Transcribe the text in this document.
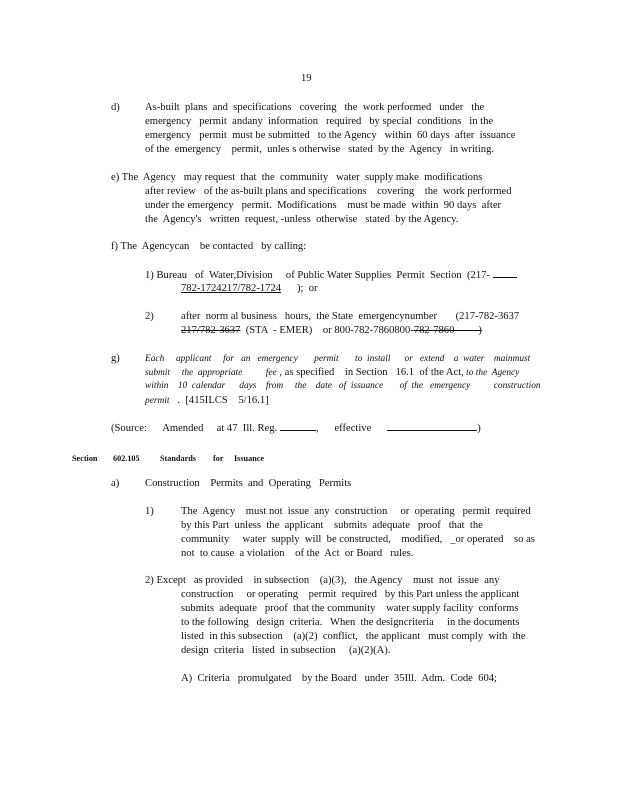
19
d) As-built  plans  and  specifications   covering   the  work performed   under   the
emergency   permit  andany  information   required   by special  conditions   in the
emergency   permit  must be submitted   to the Agency   within  60 days  after  issuance
of the  emergency    permit,  unles s otherwise   stated  by the  Agency   in writing.
e) The  Agency   may request  that  the  community   water  supply make  modifications
after review   of the as-built plans and specifications    covering    the  work performed
under the emergency   permit.  Modifications    must be made  within  90 days  after
the  Agency's   written  request, -unless  otherwise   stated  by the Agency.
f) The  Agencycan    be contacted   by calling:
1) Bureau   of  Water,Division     of Public Water Supplies  Permit  Section  (217-
782-1724217/782-1724      );  or
2)	after  norm al business   hours,  the State  emergencynumber       (217-782-3637
217/782-3637  (STA  - EMER)    or 800-782-7860800-782-7860         )
g)	Each     applicant     for   an   emergency       permit       to  install      or   extend    a  water    mainmust
submit     the  appropriate          fee , as specified    in Section   16.1  of the Act, to the  Agency
within    10  calendar      days    from     the    date   of  issuance       of  the   emergency          construction
permit   .  [415ILCS    5/16.1]
(Source:      Amended     at 47  Ill. Reg.	,      effective	)
Section 602.105 Standards for Issuance
a) Construction    Permits  and  Operating   Permits
1)	The  Agency    must not  issue  any  construction     or  operating   permit  required
by this Part  unless  the  applicant    submits  adequate   proof   that  the
community     water  supply  will  be constructed,    modified,   _or operated    so as
not  to cause  a violation    of the  Act  or Board   rules.
2) Except   as provided    in subsection    (a)(3),   the Agency    must  not  issue  any
construction     or operating    permit  required   by this Part unless the applicant
submits  adequate   proof  that the community    water supply facility  conforms
to the following   design  criteria.   When  the designcriteria     in the documents
listed  in this subsection    (a)(2)  conflict,   the applicant   must comply  with  the
design  criteria   listed  in subsection     (a)(2)(A).
A)  Criteria   promulgated    by the Board   under  35Ill.  Adm.  Code  604;
